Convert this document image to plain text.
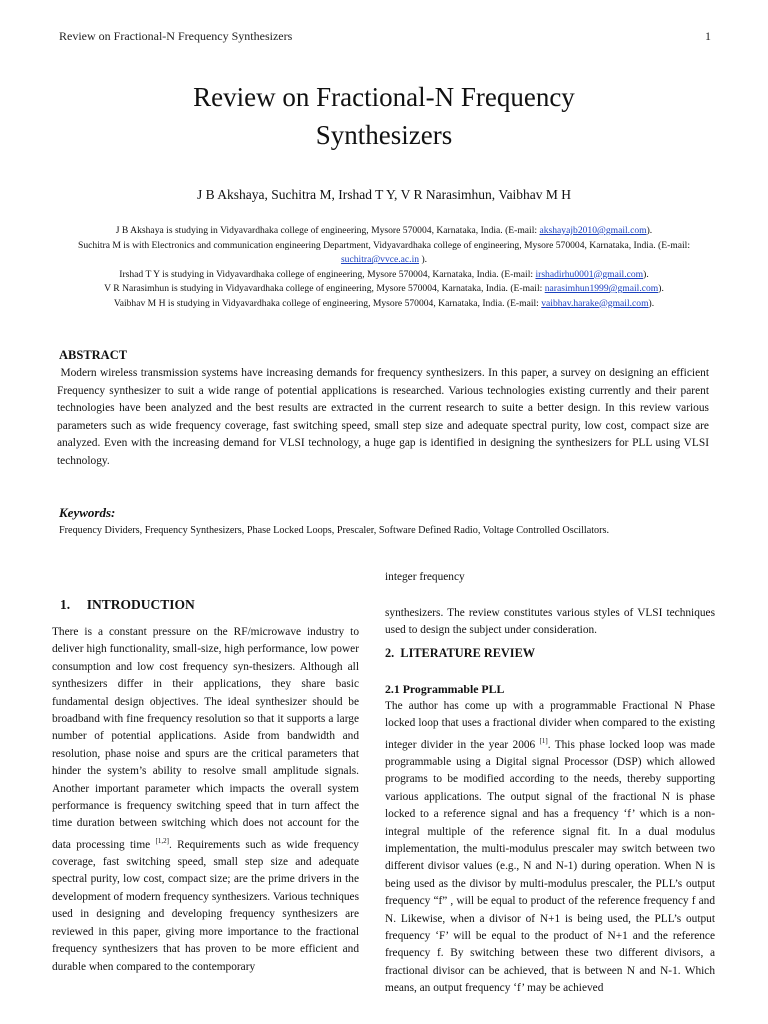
Review on Fractional-N Frequency Synthesizers	1
Review on Fractional-N Frequency
Synthesizers
J B Akshaya, Suchitra M, Irshad T Y, V R Narasimhun, Vaibhav M H
J B Akshaya is studying in Vidyavardhaka college of engineering, Mysore 570004, Karnataka, India. (E-mail: akshayajb2010@gmail.com).
Suchitra M is with Electronics and communication engineering Department, Vidyavardhaka college of engineering, Mysore 570004, Karnataka, India. (E-mail: suchitra@vvce.ac.in ).
Irshad T Y is studying in Vidyavardhaka college of engineering, Mysore 570004, Karnataka, India. (E-mail: irshadirhu0001@gmail.com).
V R Narasimhun is studying in Vidyavardhaka college of engineering, Mysore 570004, Karnataka, India. (E-mail: narasimhun1999@gmail.com).
Vaibhav M H is studying in Vidyavardhaka college of engineering, Mysore 570004, Karnataka, India. (E-mail: vaibhav.harake@gmail.com).
ABSTRACT

Modern wireless transmission systems have increasing demands for frequency synthesizers. In this paper, a survey on designing an efficient Frequency synthesizer to suit a wide range of potential applications is researched. Various technologies existing currently and their parent technologies have been analyzed and the best results are extracted in the current research to suite a better design. In this review various parameters such as wide frequency coverage, fast switching speed, small step size and adequate spectral purity, low cost, compact size are analyzed. Even with the increasing demand for VLSI technology, a huge gap is identified in designing the synthesizers for PLL using VLSI technology.

Keywords:
Frequency Dividers, Frequency Synthesizers, Phase Locked Loops, Prescaler, Software Defined Radio, Voltage Controlled Oscillators.
1. INTRODUCTION

There is a constant pressure on the RF/microwave industry to deliver high functionality, small-size, high performance, low power consumption and low cost frequency syn-thesizers. Although all synthesizers differ in their applications, they share basic fundamental design objectives. The ideal synthesizer should be broadband with fine frequency resolution so that it supports a large number of potential applications. Aside from bandwidth and resolution, phase noise and spurs are the critical parameters that hinder the system’s ability to resolve small amplitude signals. Another important parameter which impacts the overall system performance is frequency switching speed that in turn affect the time duration between switching which does not account for the data processing time [1,2]. Requirements such as wide frequency coverage, fast switching speed, small step size and adequate spectral purity, low cost, compact size; are the prime drivers in the development of modern frequency synthesizers. Various techniques used in designing and developing frequency synthesizers are reviewed in this paper, giving more importance to the fractional frequency synthesizers that has proven to be more efficient and durable when compared to the contemporary

integer frequency

synthesizers. The review constitutes various styles of VLSI techniques used to design the subject under consideration.

2.  LITERATURE REVIEW
2.1 Programmable PLL

The author has come up with a programmable Fractional N Phase locked loop that uses a fractional divider when compared to the existing integer divider in the year 2006 [1]. This phase locked loop was made programmable using a Digital signal Processor (DSP) which allowed programs to be modified according to the needs, thereby supporting various applications. The output signal of the fractional N is phase locked to a reference signal and has a frequency ‘f’ which is a non-integral multiple of the reference signal fit. In a dual modulus implementation, the multi-modulus prescaler may switch between two different divisor values (e.g., N and N-1) during operation. When N is being used as the divisor by multi-modulus prescaler, the PLL’s output frequency “f” , will be equal to product of the reference frequency f and N. Likewise, when a divisor of N+1 is being used, the PLL’s output frequency ‘F’ will be equal to the product of N+1 and the reference frequency f. By switching between these two different divisors, a fractional divisor can be achieved, that is between N and N-1. Which means, an output frequency ‘f’ may be achieved
